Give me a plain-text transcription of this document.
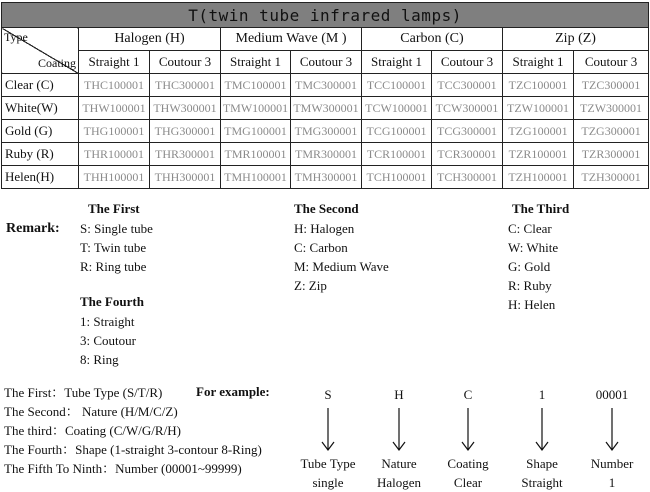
T(twin tube infrared lamps)								

Type
Coating	Halogen (H)		Medium Wave (M )		Carbon (C)		Zip (Z)	
	Straight 1	Coutour 3	Straight 1	Coutour 3	Straight 1	Coutour 3	Straight 1	Coutour 3
Clear (C)	THC100001	THC300001	TMC100001	TMC300001	TCC100001	TCC300001	TZC100001	TZC300001
White(W)	THW100001	THW300001	TMW100001	TMW300001	TCW100001	TCW300001	TZW100001	TZW300001
Gold (G)	THG100001	THG300001	TMG100001	TMG300001	TCG100001	TCG300001	TZG100001	TZG300001
Ruby (R)	THR100001	THR300001	TMR100001	TMR300001	TCR100001	TCR300001	TZR100001	TZR300001
Helen(H)	THH100001	THH300001	TMH100001	TMH300001	TCH100001	TCH300001	TZH100001	TZH300001
Remark:
The First
S: Single tube
T: Twin tube
R: Ring tube
The Second
H: Halogen
C: Carbon
M: Medium Wave
Z: Zip
The Third
C: Clear
W: White
G: Gold
R: Ruby
H: Helen
The Fourth
1: Straight
3: Coutour
8: Ring
The First：Tube Type (S/T/R)
The Second： Nature (H/M/C/Z)
The third：Coating (C/W/G/R/H)
The Fourth：Shape (1-straight 3-contour 8-Ring)
The Fifth To Ninth：Number (00001~99999)
For example:	S
Tube Type
single
H
Nature
Halogen
C
Coating
Clear
1
Shape
Straight
00001
Number
1
